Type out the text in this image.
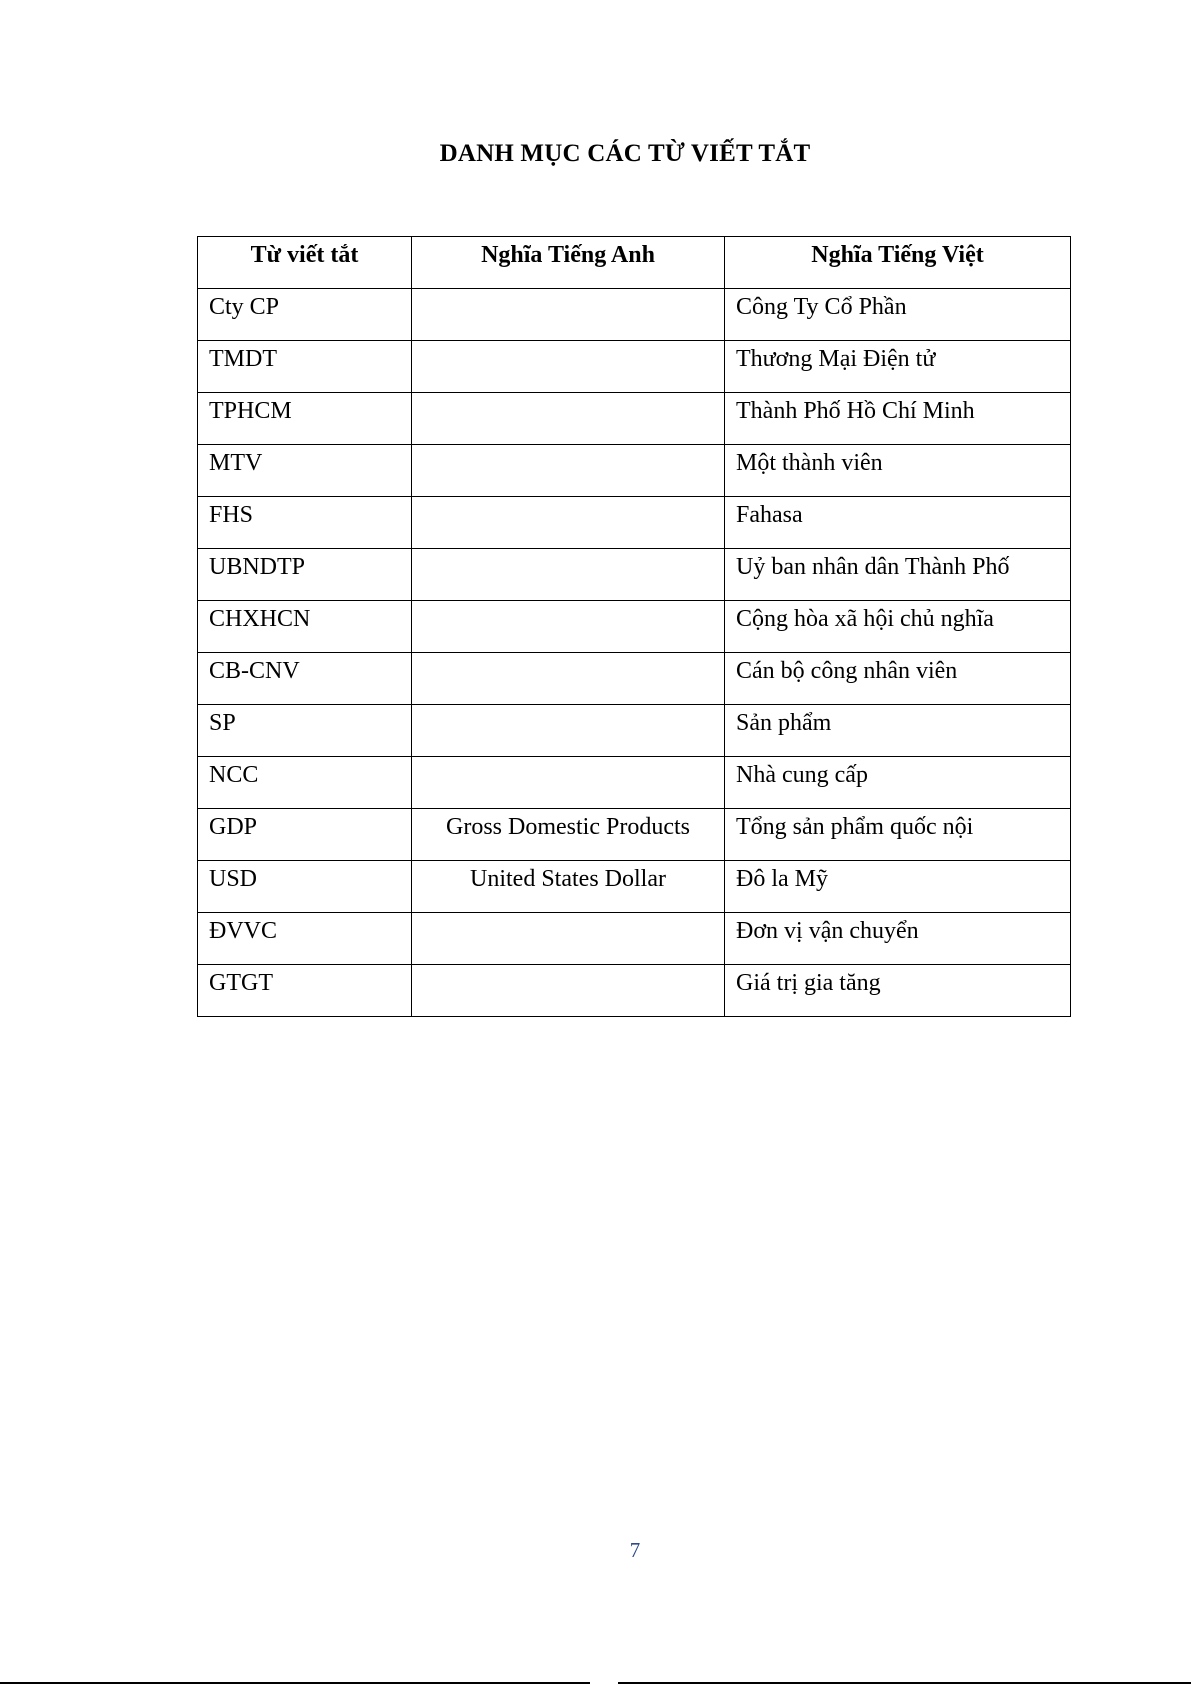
DANH MỤC CÁC TỪ VIẾT TẮT
Từ viết tắt	Nghĩa Tiếng Anh	Nghĩa Tiếng Việt
Cty CP		Công Ty Cổ Phần
TMDT		Thương Mại Điện tử
TPHCM		Thành Phố Hồ Chí Minh
MTV		Một thành viên
FHS		Fahasa
UBNDTP		Uỷ ban nhân dân Thành Phố
CHXHCN		Cộng hòa xã hội chủ nghĩa
CB-CNV		Cán bộ công nhân viên
SP		Sản phẩm
NCC		Nhà cung cấp
GDP	Gross Domestic Products	Tổng sản phẩm quốc nội
USD	United States Dollar	Đô la Mỹ
ĐVVC		Đơn vị vận chuyển
GTGT		Giá trị gia tăng
7
